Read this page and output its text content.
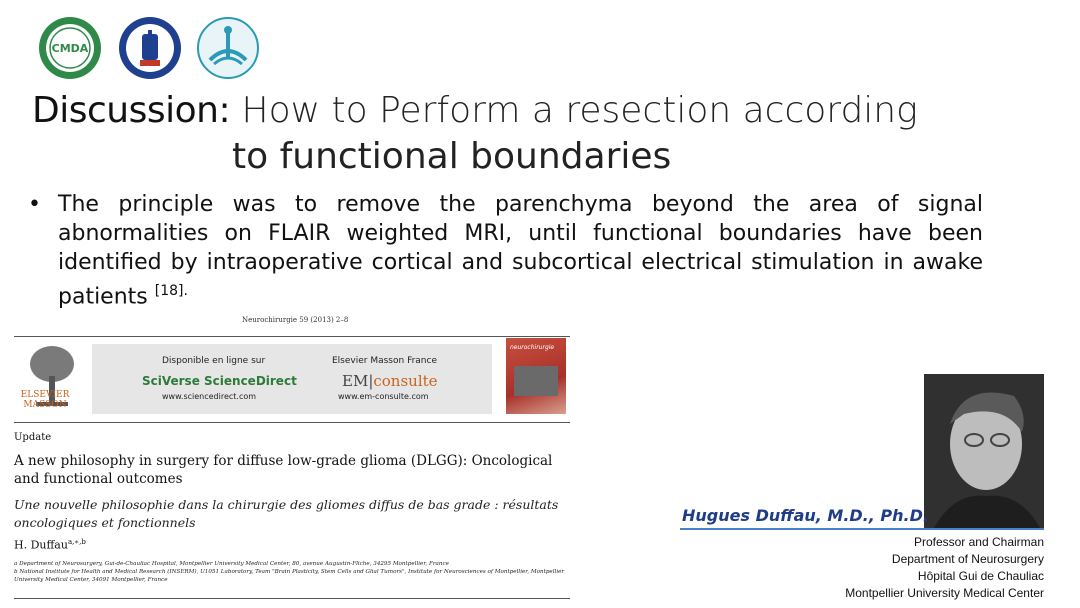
CMDA
Discussion: How to Perform a resection according
to functional boundaries
• The principle was to remove the parenchyma beyond the area of signal abnormalities on FLAIR weighted MRI, until functional boundaries have been identified by intraoperative cortical and subcortical electrical stimulation in awake patients $^{[18].}$
Neurochirurgie 59 (2013) 2–8
ELSEVIER MASSON
Disponible en ligne sur
SciVerse ScienceDirect
www.sciencedirect.com
Elsevier Masson France
EM|consulte
www.em-consulte.com
neurochirurgie
Update
A new philosophy in surgery for diffuse low-grade glioma (DLGG): Oncological and functional outcomes
Une nouvelle philosophie dans la chirurgie des gliomes diffus de bas grade : résultats oncologiques et fonctionnels
H. Duffau$^{a,∗,b}$
a Department of Neurosurgery, Gui-de-Chauliac Hospital, Montpellier University Medical Center, 80, avenue Augustin-Fliche, 34295 Montpellier, France
b National Institute for Health and Medical Research (INSERM), U1051 Laboratory, Team "Brain Plasticity, Stem Cells and Glial Tumors", Institute for Neurosciences of Montpellier, Montpellier University Medical Center, 34091 Montpellier, France
Hugues Duffau, M.D., Ph.D.
Professor and Chairman
Department of Neurosurgery
Hôpital Gui de Chauliac
Montpellier University Medical Center
